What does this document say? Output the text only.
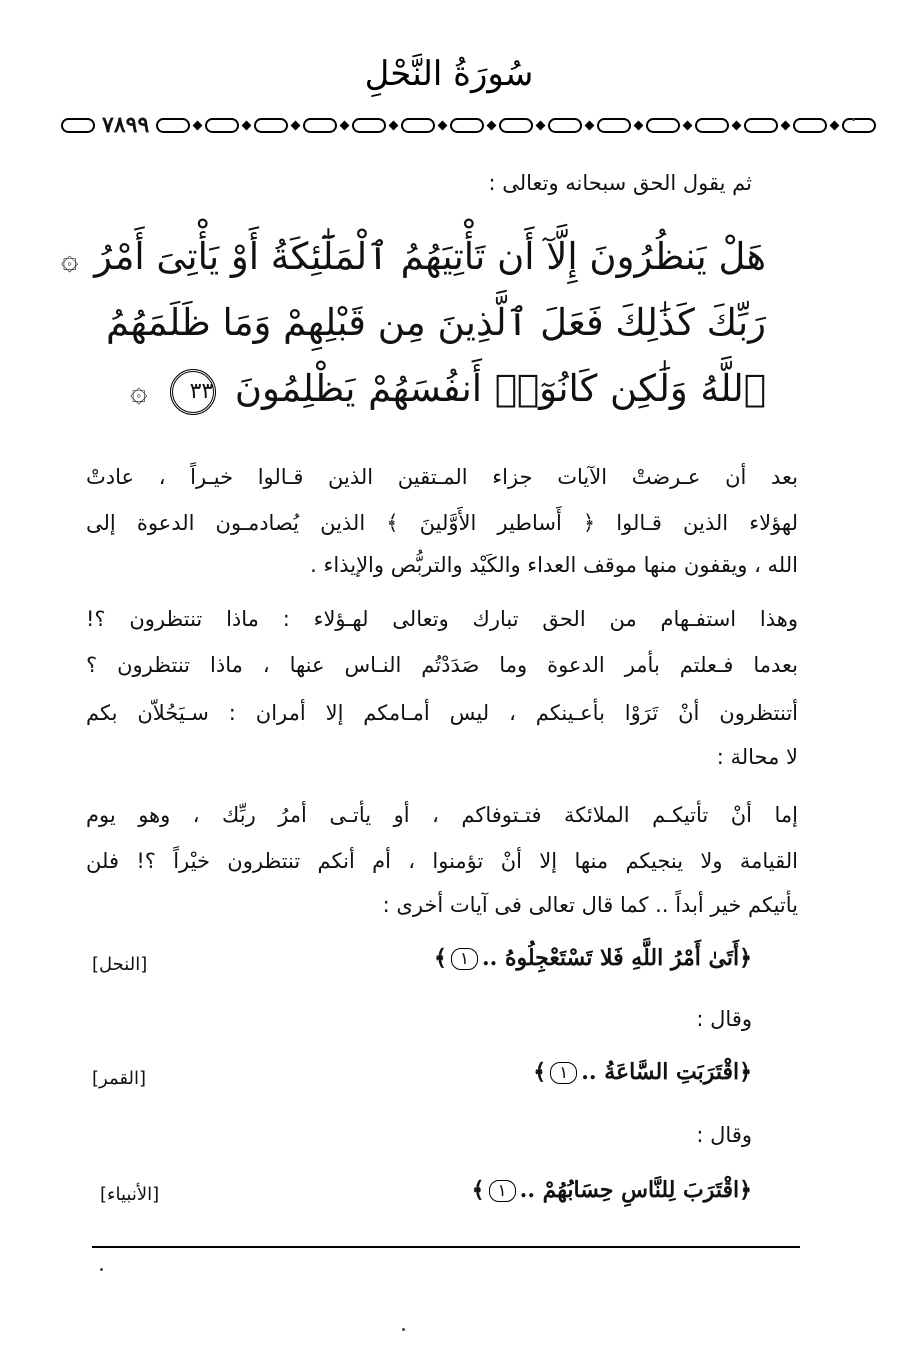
سُورَةُ النَّحْلِ
٧٨٩٩
ثم يقول الحق سبحانه وتعالى :
هَلْ يَنظُرُونَ إِلَّآ أَن تَأْتِيَهُمُ ٱلْمَلَٰٓئِكَةُ أَوْ يَأْتِىَ أَمْرُ ۞
رَبِّكَ كَذَٰلِكَ فَعَلَ ٱلَّذِينَ مِن قَبْلِهِمْ وَمَا ظَلَمَهُمُ
ٱللَّهُ وَلَٰكِن كَانُوٓا۟ أَنفُسَهُمْ يَظْلِمُونَ ٣٣ ۞
بعد أن عـرضتْ الآيات جزاء المـتقين الذين قـالوا خيـراً ، عادتْ
لهؤلاء الذين قـالوا ﴿ أَساطير الأَوَّلينَ ﴾ الذين يُصادمـون الدعوة إلى
الله ، ويقفون منها موقف العداء والكَيْد والتربُّص والإيذاء .
وهذا استفـهام من الحق تبارك وتعالى لهـؤلاء : ماذا تنتظرون ؟!
بعدما فـعلتم بأمر الدعوة وما صَدَدْتُم النـاس عنها ، ماذا تنتظرون ؟
أتنتظرون أنْ تَرَوْا بأعـينكم ، ليس أمـامكم إلا أمران : سـيَحُلاّن بكم
لا محالة :
إما أنْ تأتيكـم الملائكة فتـتوفاكم ، أو يأتـى أمرُ ربِّك ، وهو يوم
القيامة ولا ينجيكم منها إلا أنْ تؤمنوا ، أم أنكم تنتظرون خيْراً ؟! فلن
يأتيكم خير أبداً .. كما قال تعالى فى آيات أخرى :
﴿أَتَىٰ أَمْرُ اللَّهِ فَلا تَسْتَعْجِلُوهُ ..١﴾
[النحل]
وقال :
﴿اقْتَرَبَتِ السَّاعَةُ ..١﴾
[القمر]
وقال :
﴿اقْتَرَبَ لِلنَّاسِ حِسَابُهُمْ ..١﴾
[الأنبياء]
